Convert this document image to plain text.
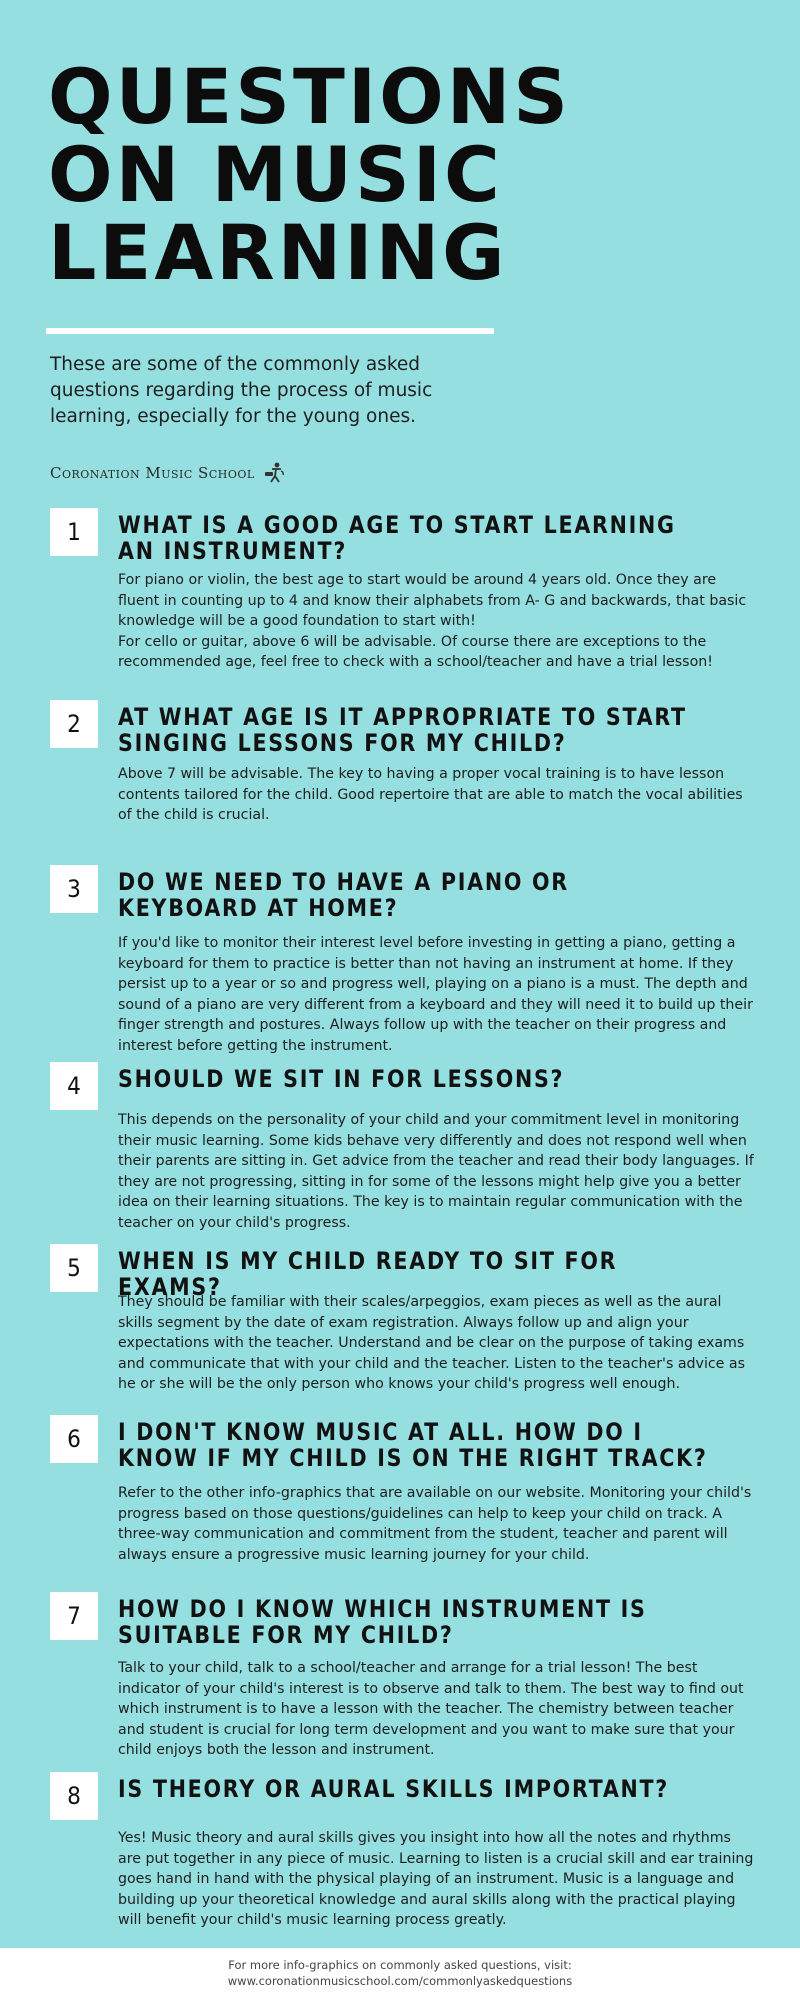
QUESTIONS
ON MUSIC
LEARNING

These are some of the commonly asked questions regarding the process of music learning, especially for the young ones.

Coronation Music School
1	WHAT IS A GOOD AGE TO START LEARNING AN INSTRUMENT?

For piano or violin, the best age to start would be around 4 years old. Once they are fluent in counting up to 4 and know their alphabets from A- G and backwards, that basic knowledge will be a good foundation to start with!
For cello or guitar, above 6 will be advisable. Of course there are exceptions to the recommended age, feel free to check with a school/teacher and have a trial lesson!

2	AT WHAT AGE IS IT APPROPRIATE TO START SINGING LESSONS FOR MY CHILD?

Above 7 will be advisable. The key to having a proper vocal training is to have lesson contents tailored for the child. Good repertoire that are able to match the vocal abilities of the child is crucial.

3	DO WE NEED TO HAVE A PIANO OR KEYBOARD AT HOME?

If you'd like to monitor their interest level before investing in getting a piano, getting a keyboard for them to practice is better than not having an instrument at home. If they persist up to a year or so and progress well, playing on a piano is a must. The depth and sound of a piano are very different from a keyboard and they will need it to build up their finger strength and postures. Always follow up with the teacher on their progress and interest before getting the instrument.

4	SHOULD WE SIT IN FOR LESSONS?

This depends on the personality of your child and your commitment level in monitoring their music learning. Some kids behave very differently and does not respond well when their parents are sitting in. Get advice from the teacher and read their body languages. If they are not progressing, sitting in for some of the lessons might help give you a better idea on their learning situations. The key is to maintain regular communication with the teacher on your child's progress.

5	WHEN IS MY CHILD READY TO SIT FOR EXAMS?

They should be familiar with their scales/arpeggios, exam pieces as well as the aural skills segment by the date of exam registration. Always follow up and align your expectations with the teacher. Understand and be clear on the purpose of taking exams and communicate that with your child and the teacher. Listen to the teacher's advice as he or she will be the only person who knows your child's progress well enough.

6	I DON'T KNOW MUSIC AT ALL. HOW DO I KNOW IF MY CHILD IS ON THE RIGHT TRACK?

Refer to the other info-graphics that are available on our website. Monitoring your child's progress based on those questions/guidelines can help to keep your child on track. A three-way communication and commitment from the student, teacher and parent will always ensure a progressive music learning journey for your child.

7	HOW DO I KNOW WHICH INSTRUMENT IS SUITABLE FOR MY CHILD?

Talk to your child, talk to a school/teacher and arrange for a trial lesson! The best indicator of your child's interest is to observe and talk to them. The best way to find out which instrument is to have a lesson with the teacher. The chemistry between teacher and student is crucial for long term development and you want to make sure that your child enjoys both the lesson and instrument.

8	IS THEORY OR AURAL SKILLS IMPORTANT?

Yes! Music theory and aural skills gives you insight into how all the notes and rhythms are put together in any piece of music. Learning to listen is a crucial skill and ear training goes hand in hand with the physical playing of an instrument. Music is a language and building up your theoretical knowledge and aural skills along with the practical playing will benefit your child's music learning process greatly.

For more info-graphics on commonly asked questions, visit:
www.coronationmusicschool.com/commonlyaskedquestions
